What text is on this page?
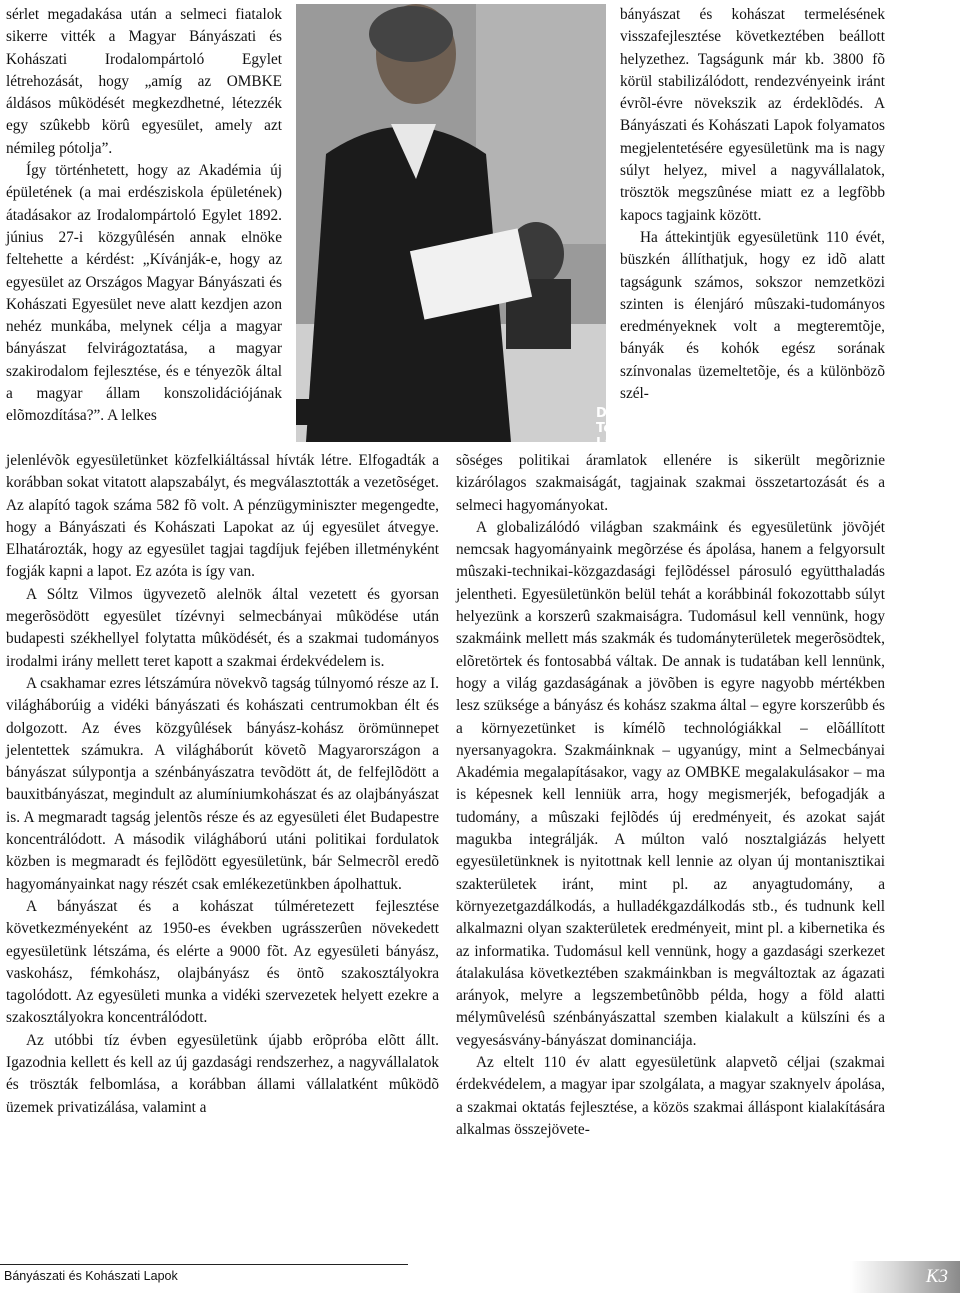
sérlet megadakása után a selmeci fiatalok sikerre vitték a Magyar Bányászati és Kohászati Irodalompártoló Egylet létrehozását, hogy „amíg az OMBKE áldásos mûködését megkezdhetné, létezzék egy szûkebb körû egyesület, amely azt némileg pótolja”.

Így történhetett, hogy az Akadémia új épületének (a mai erdésziskola épületének) átadásakor az Irodalompártoló Egylet 1892. június 27-i közgyûlésén annak elnöke feltehette a kérdést: „Kívánják-e, hogy az egyesület az Országos Magyar Bányászati és Kohászati Egyesület neve alatt kezdjen azon nehéz munkába, melynek célja a magyar bányászat felvirágoztatása, a magyar szakirodalom fejlesztése, és e tényezõk által a magyar állam konszolidációjának elõmozdítása?”. A lelkes	Dr. Tolnay Lajos

bányászat és kohászat termelésének visszafejlesztése következtében beállott helyzethez. Tagságunk már kb. 3800 fõ körül stabilizálódott, rendezvényeink iránt évrõl-évre növekszik az érdeklõdés. A Bányászati és Kohászati Lapok folyamatos megjelentetésére egyesületünk ma is nagy súlyt helyez, mivel a nagyvállalatok, trösztök megszûnése miatt ez a legfõbb kapocs tagjaink között.

Ha áttekintjük egyesületünk 110 évét, büszkén állíthatjuk, hogy ez idõ alatt tagságunk számos, sokszor nemzetközi szinten is élenjáró mûszaki-tudományos eredményeknek volt a megteremtõje, bányák és kohók egész sorának színvonalas üzemeltetõje, és a különbözõ szél-

jelenlévõk egyesületünket közfelkiáltással hívták létre. Elfogadták a korábban sokat vitatott alapszabályt, és megválasztották a vezetõséget. Az alapító tagok száma 582 fõ volt. A pénzügyminiszter megengedte, hogy a Bányászati és Kohászati Lapokat az új egyesület átvegye. Elhatározták, hogy az egyesület tagjai tagdíjuk fejében illetményként fogják kapni a lapot. Ez azóta is így van.

A Sóltz Vilmos ügyvezetõ alelnök által vezetett és gyorsan megerõsödött egyesület tízévnyi selmecbányai mûködése után budapesti székhellyel folytatta mûködését, és a szakmai tudományos irodalmi irány mellett teret kapott a szakmai érdekvédelem is.

A csakhamar ezres létszámúra növekvõ tagság túlnyomó része az I. világháborúig a vidéki bányászati és kohászati centrumokban élt és dolgozott. Az éves közgyûlések bányász-kohász örömünnepet jelentettek számukra. A világháborút követõ Magyarországon a bányászat súlypontja a szénbányászatra tevõdött át, de felfejlõdött a bauxitbányászat, megindult az alumíniumkohászat és az olajbányászat is. A megmaradt tagság jelentõs része és az egyesületi élet Budapestre koncentrálódott. A második világháború utáni politikai fordulatok közben is megmaradt és fejlõdött egyesületünk, bár Selmecrõl eredõ hagyományainkat nagy részét csak emlékezetünkben ápolhattuk.

A bányászat és a kohászat túlméretezett fejlesztése következményeként az 1950-es években ugrásszerûen növekedett egyesületünk létszáma, és elérte a 9000 fõt. Az egyesületi bányász, vaskohász, fémkohász, olajbányász és öntõ szakosztályokra tagolódott. Az egyesületi munka a vidéki szervezetek helyett ezekre a szakosztályokra koncentrálódott.

Az utóbbi tíz évben egyesületünk újabb erõpróba elõtt állt. Igazodnia kellett és kell az új gazdasági rendszerhez, a nagyvállalatok és tröszták felbomlása, a korábban állami vállalatként mûködõ üzemek privatizálása, valamint a

sõséges politikai áramlatok ellenére is sikerült megõriznie kizárólagos szakmaiságát, tagjainak szakmai összetartozását és a selmeci hagyományokat.

A globalizálódó világban szakmáink és egyesületünk jövõjét nemcsak hagyományaink megõrzése és ápolása, hanem a felgyorsult mûszaki-technikai-közgazdasági fejlõdéssel párosuló együtthaladás jelentheti. Egyesületünkön belül tehát a korábbinál fokozottabb súlyt helyezünk a korszerû szakmaiságra. Tudomásul kell vennünk, hogy szakmáink mellett más szakmák és tudományterületek megerõsödtek, elõretörtek és fontosabbá váltak. De annak is tudatában kell lennünk, hogy a világ gazdaságának a jövõben is egyre nagyobb mértékben lesz szüksége a bányász és kohász szakma által – egyre korszerûbb és a környezetünket is kímélõ technológiákkal – elõállított nyersanyagokra. Szakmáinknak – ugyanúgy, mint a Selmecbányai Akadémia megalapításakor, vagy az OMBKE megalakulásakor – ma is képesnek kell lenniük arra, hogy megismerjék, befogadják a tudomány, a mûszaki fejlõdés új eredményeit, és azokat saját magukba integrálják. A múlton való nosztalgiázás helyett egyesületünknek is nyitottnak kell lennie az olyan új montanisztikai szakterületek iránt, mint pl. az anyagtudomány, a környezetgazdálkodás, a hulladékgazdálkodás stb., és tudnunk kell alkalmazni olyan szakterületek eredményeit, mint pl. a kibernetika és az informatika. Tudomásul kell vennünk, hogy a gazdasági szerkezet átalakulása következtében szakmáinkban is megváltoztak az ágazati arányok, melyre a legszembetûnõbb példa, hogy a föld alatti mélymûvelésû szénbányászattal szemben kialakult a külszíni és a vegyesásvány-bányászat dominanciája.

Az eltelt 110 év alatt egyesületünk alapvetõ céljai (szakmai érdekvédelem, a magyar ipar szolgálata, a magyar szaknyelv ápolása, a szakmai oktatás fejlesztése, a közös szakmai álláspont kialakítására alkalmas összejövete-

Bányászati és Kohászati Lapok	K3
